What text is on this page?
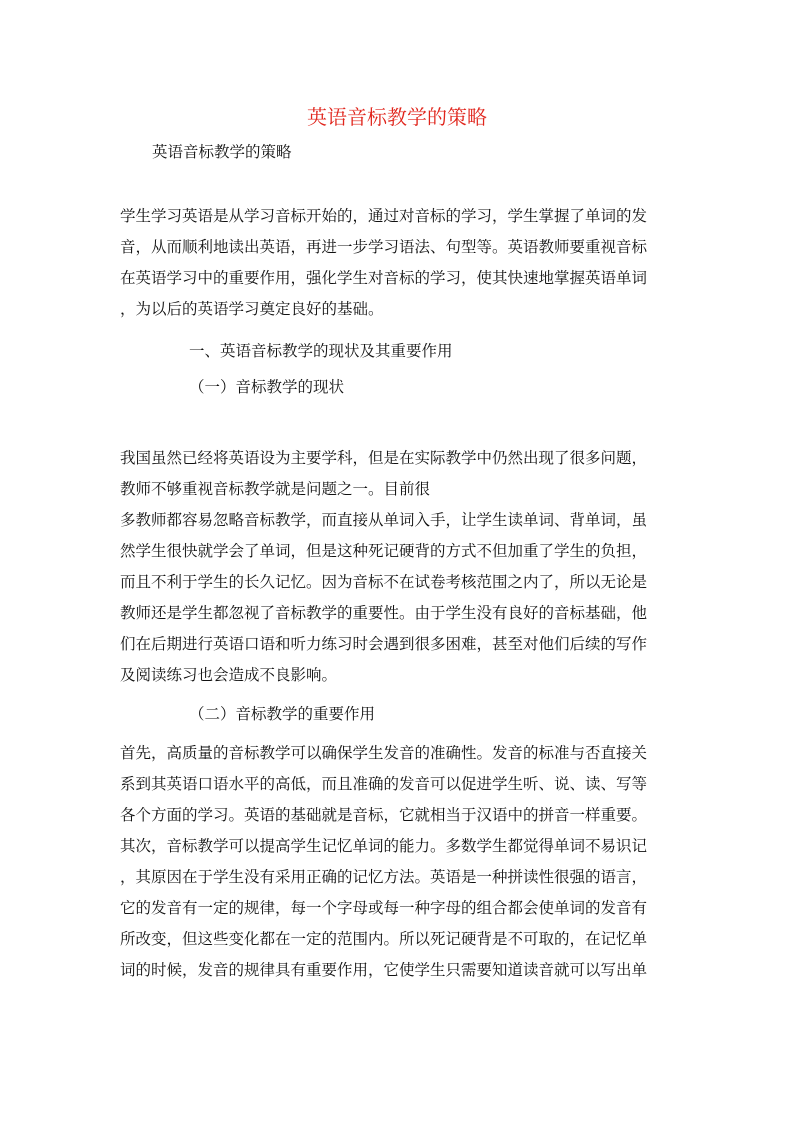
英语音标教学的策略

英语音标教学的策略

学生学习英语是从学习音标开始的，通过对音标的学习，学生掌握了单词的发
音，从而顺利地读出英语，再进一步学习语法、句型等。英语教师要重视音标
在英语学习中的重要作用，强化学生对音标的学习，使其快速地掌握英语单词
，为以后的英语学习奠定良好的基础。
一、英语音标教学的现状及其重要作用
（一）音标教学的现状
我国虽然已经将英语设为主要学科，但是在实际教学中仍然出现了很多问题，
教师不够重视音标教学就是问题之一。目前很
多教师都容易忽略音标教学，而直接从单词入手，让学生读单词、背单词，虽
然学生很快就学会了单词，但是这种死记硬背的方式不但加重了学生的负担，
而且不利于学生的长久记忆。因为音标不在试卷考核范围之内了，所以无论是
教师还是学生都忽视了音标教学的重要性。由于学生没有良好的音标基础，他
们在后期进行英语口语和听力练习时会遇到很多困难，甚至对他们后续的写作
及阅读练习也会造成不良影响。
（二）音标教学的重要作用
首先，高质量的音标教学可以确保学生发音的准确性。发音的标准与否直接关
系到其英语口语水平的高低，而且准确的发音可以促进学生听、说、读、写等
各个方面的学习。英语的基础就是音标，它就相当于汉语中的拼音一样重要。
其次，音标教学可以提高学生记忆单词的能力。多数学生都觉得单词不易识记
，其原因在于学生没有采用正确的记忆方法。英语是一种拼读性很强的语言，
它的发音有一定的规律，每一个字母或每一种字母的组合都会使单词的发音有
所改变，但这些变化都在一定的范围内。所以死记硬背是不可取的，在记忆单
词的时候，发音的规律具有重要作用，它使学生只需要知道读音就可以写出单
